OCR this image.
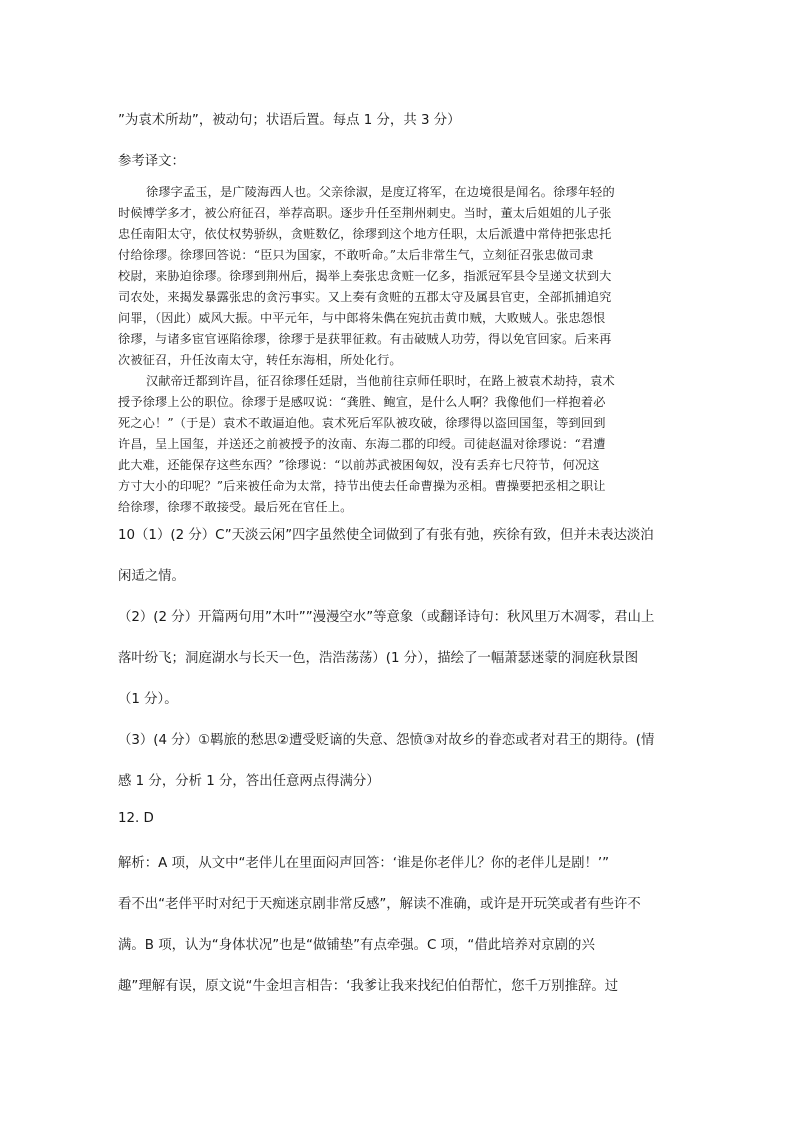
”为袁术所劫”，被动句；状语后置。每点 1 分，共 3 分）
参考译文：
徐璆字孟玉，是广陵海西人也。父亲徐淑，是度辽将军，在边境很是闻名。徐璆年轻的
时候博学多才，被公府征召，举荐高职。逐步升任至荆州刺史。当时，董太后姐姐的儿子张
忠任南阳太守，依仗权势骄纵，贪赃数亿，徐璆到这个地方任职，太后派遣中常侍把张忠托
付给徐璆。徐璆回答说：“臣只为国家，不敢听命。”太后非常生气，立刻征召张忠做司隶
校尉，来胁迫徐璆。徐璆到荆州后，揭举上奏张忠贪赃一亿多，指派冠军县令呈递文状到大
司农处，来揭发暴露张忠的贪污事实。又上奏有贪赃的五郡太守及属县官吏，全部抓捕追究
问罪，（因此）威风大振。中平元年，与中郎将朱儁在宛抗击黄巾贼，大败贼人。张忠怨恨
徐璆，与诸多宦官诬陷徐璆，徐璆于是获罪征救。有击破贼人功劳，得以免官回家。后来再
次被征召，升任汝南太守，转任东海相，所处化行。
汉献帝迁都到许昌，征召徐璆任廷尉，当他前往京师任职时，在路上被袁术劫持，袁术
授予徐璆上公的职位。徐璆于是感叹说：“龚胜、鲍宣，是什么人啊？我像他们一样抱着必
死之心！”（于是）袁术不敢逼迫他。袁术死后军队被攻破，徐璆得以盗回国玺，等到回到
许昌，呈上国玺，并送还之前被授予的汝南、东海二郡的印绶。司徒赵温对徐璆说：“君遭
此大难，还能保存这些东西？”徐璆说：“以前苏武被困匈奴，没有丢弃七尺符节，何况这
方寸大小的印呢？”后来被任命为太常，持节出使去任命曹操为丞相。曹操要把丞相之职让
给徐璆，徐璆不敢接受。最后死在官任上。
10（1）(2 分）C”天淡云闲”四字虽然使全词做到了有张有弛，疾徐有致，但并未表达淡泊
闲适之情。
（2）(2 分）开篇两句用”木叶””漫漫空水”等意象（或翻译诗句：秋风里万木凋零，君山上
落叶纷飞；洞庭湖水与长天一色，浩浩荡荡）(1 分），描绘了一幅萧瑟迷蒙的洞庭秋景图
（1 分）。
（3）(4 分）①羁旅的愁思②遭受贬谪的失意、怨愤③对故乡的眷恋或者对君王的期待。(情
感 1 分，分析 1 分，答出任意两点得满分）
12. D
解析：A 项，从文中“老伴儿在里面闷声回答：‘谁是你老伴儿？你的老伴儿是剧！’”
看不出“老伴平时对纪于天痴迷京剧非常反感”，解读不准确，或许是开玩笑或者有些许不
满。B 项，认为“身体状况”也是“做铺垫”有点牵强。C 项，“借此培养对京剧的兴
趣”理解有误，原文说“牛金坦言相告：‘我爹让我来找纪伯伯帮忙，您千万别推辞。过
